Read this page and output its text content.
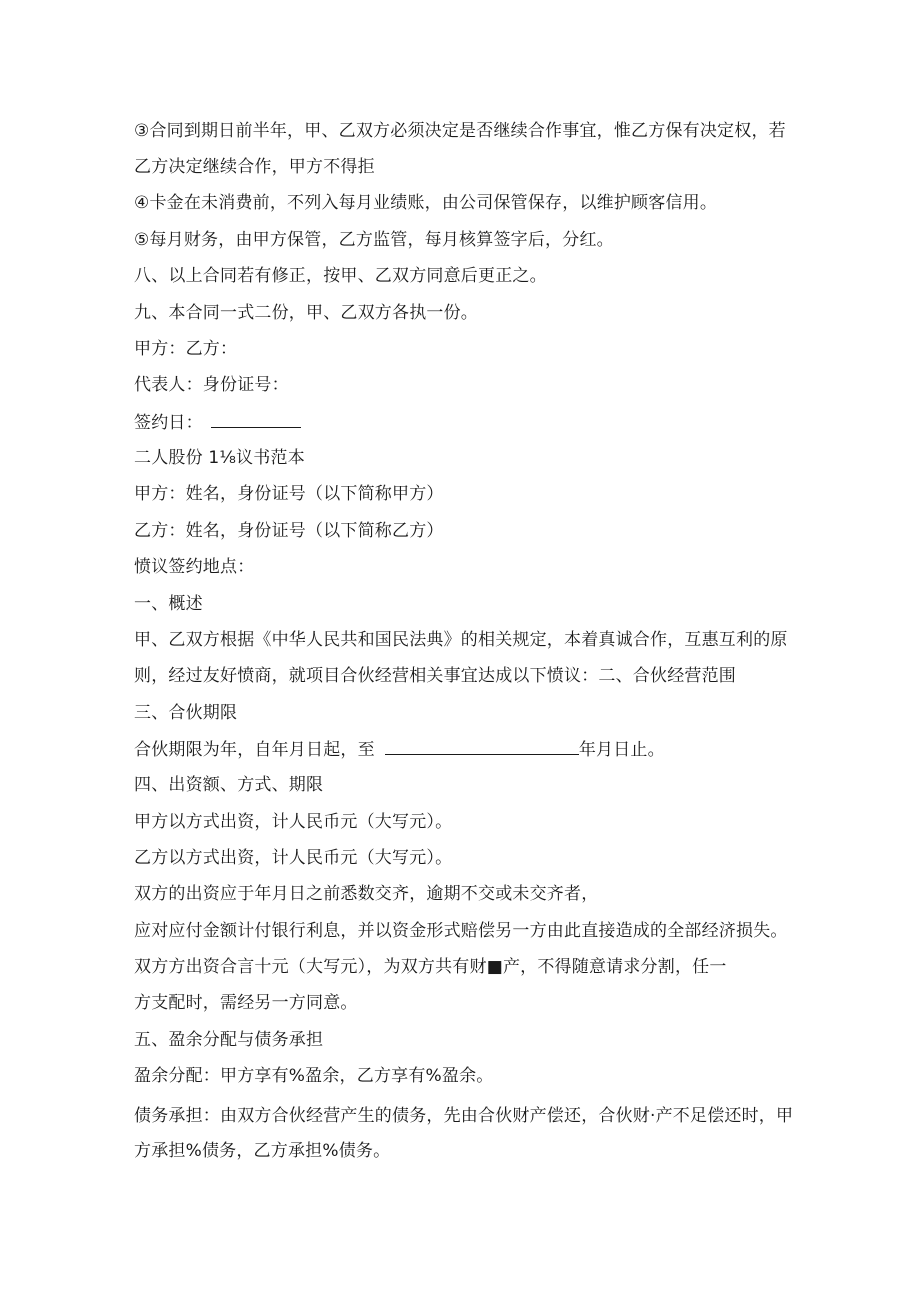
③合同到期日前半年，甲、乙双方必须决定是否继续合作事宜，惟乙方保有决定权，若
乙方决定继续合作，甲方不得拒
④卡金在未消费前，不列入每月业绩账，由公司保管保存，以维护顾客信用。
⑤每月财务，由甲方保管，乙方监管，每月核算签字后，分红。
八、以上合同若有修正，按甲、乙双方同意后更正之。
九、本合同一式二份，甲、乙双方各执一份。
甲方：乙方：
代表人：身份证号：
签约日：
二人股份 1⅛议书范本
甲方：姓名，身份证号（以下简称甲方）
乙方：姓名，身份证号（以下简称乙方）
愤议签约地点：
一、概述
甲、乙双方根据《中华人民共和国民法典》的相关规定，本着真诚合作，互惠互利的原
则，经过友好愤商，就项目合伙经营相关事宜达成以下愤议：二、合伙经营范围
三、合伙期限
合伙期限为年，自年月日起，至	年月日止。
四、出资额、方式、期限
甲方以方式出资，计人民币元（大写元）。
乙方以方式出资，计人民币元（大写元）。
双方的出资应于年月日之前悉数交齐，逾期不交或未交齐者，
应对应付金额计付银行利息，并以资金形式赔偿另一方由此直接造成的全部经济损失。
双方方出资合言十元（大写元），为双方共有财■产，不得随意请求分割，任一
方支配时，需经另一方同意。
五、盈余分配与债务承担
盈余分配：甲方享有%盈余，乙方享有%盈余。
债务承担：由双方合伙经营产生的债务，先由合伙财产偿还，合伙财·产不足偿还时，甲
方承担%债务，乙方承担%债务。
